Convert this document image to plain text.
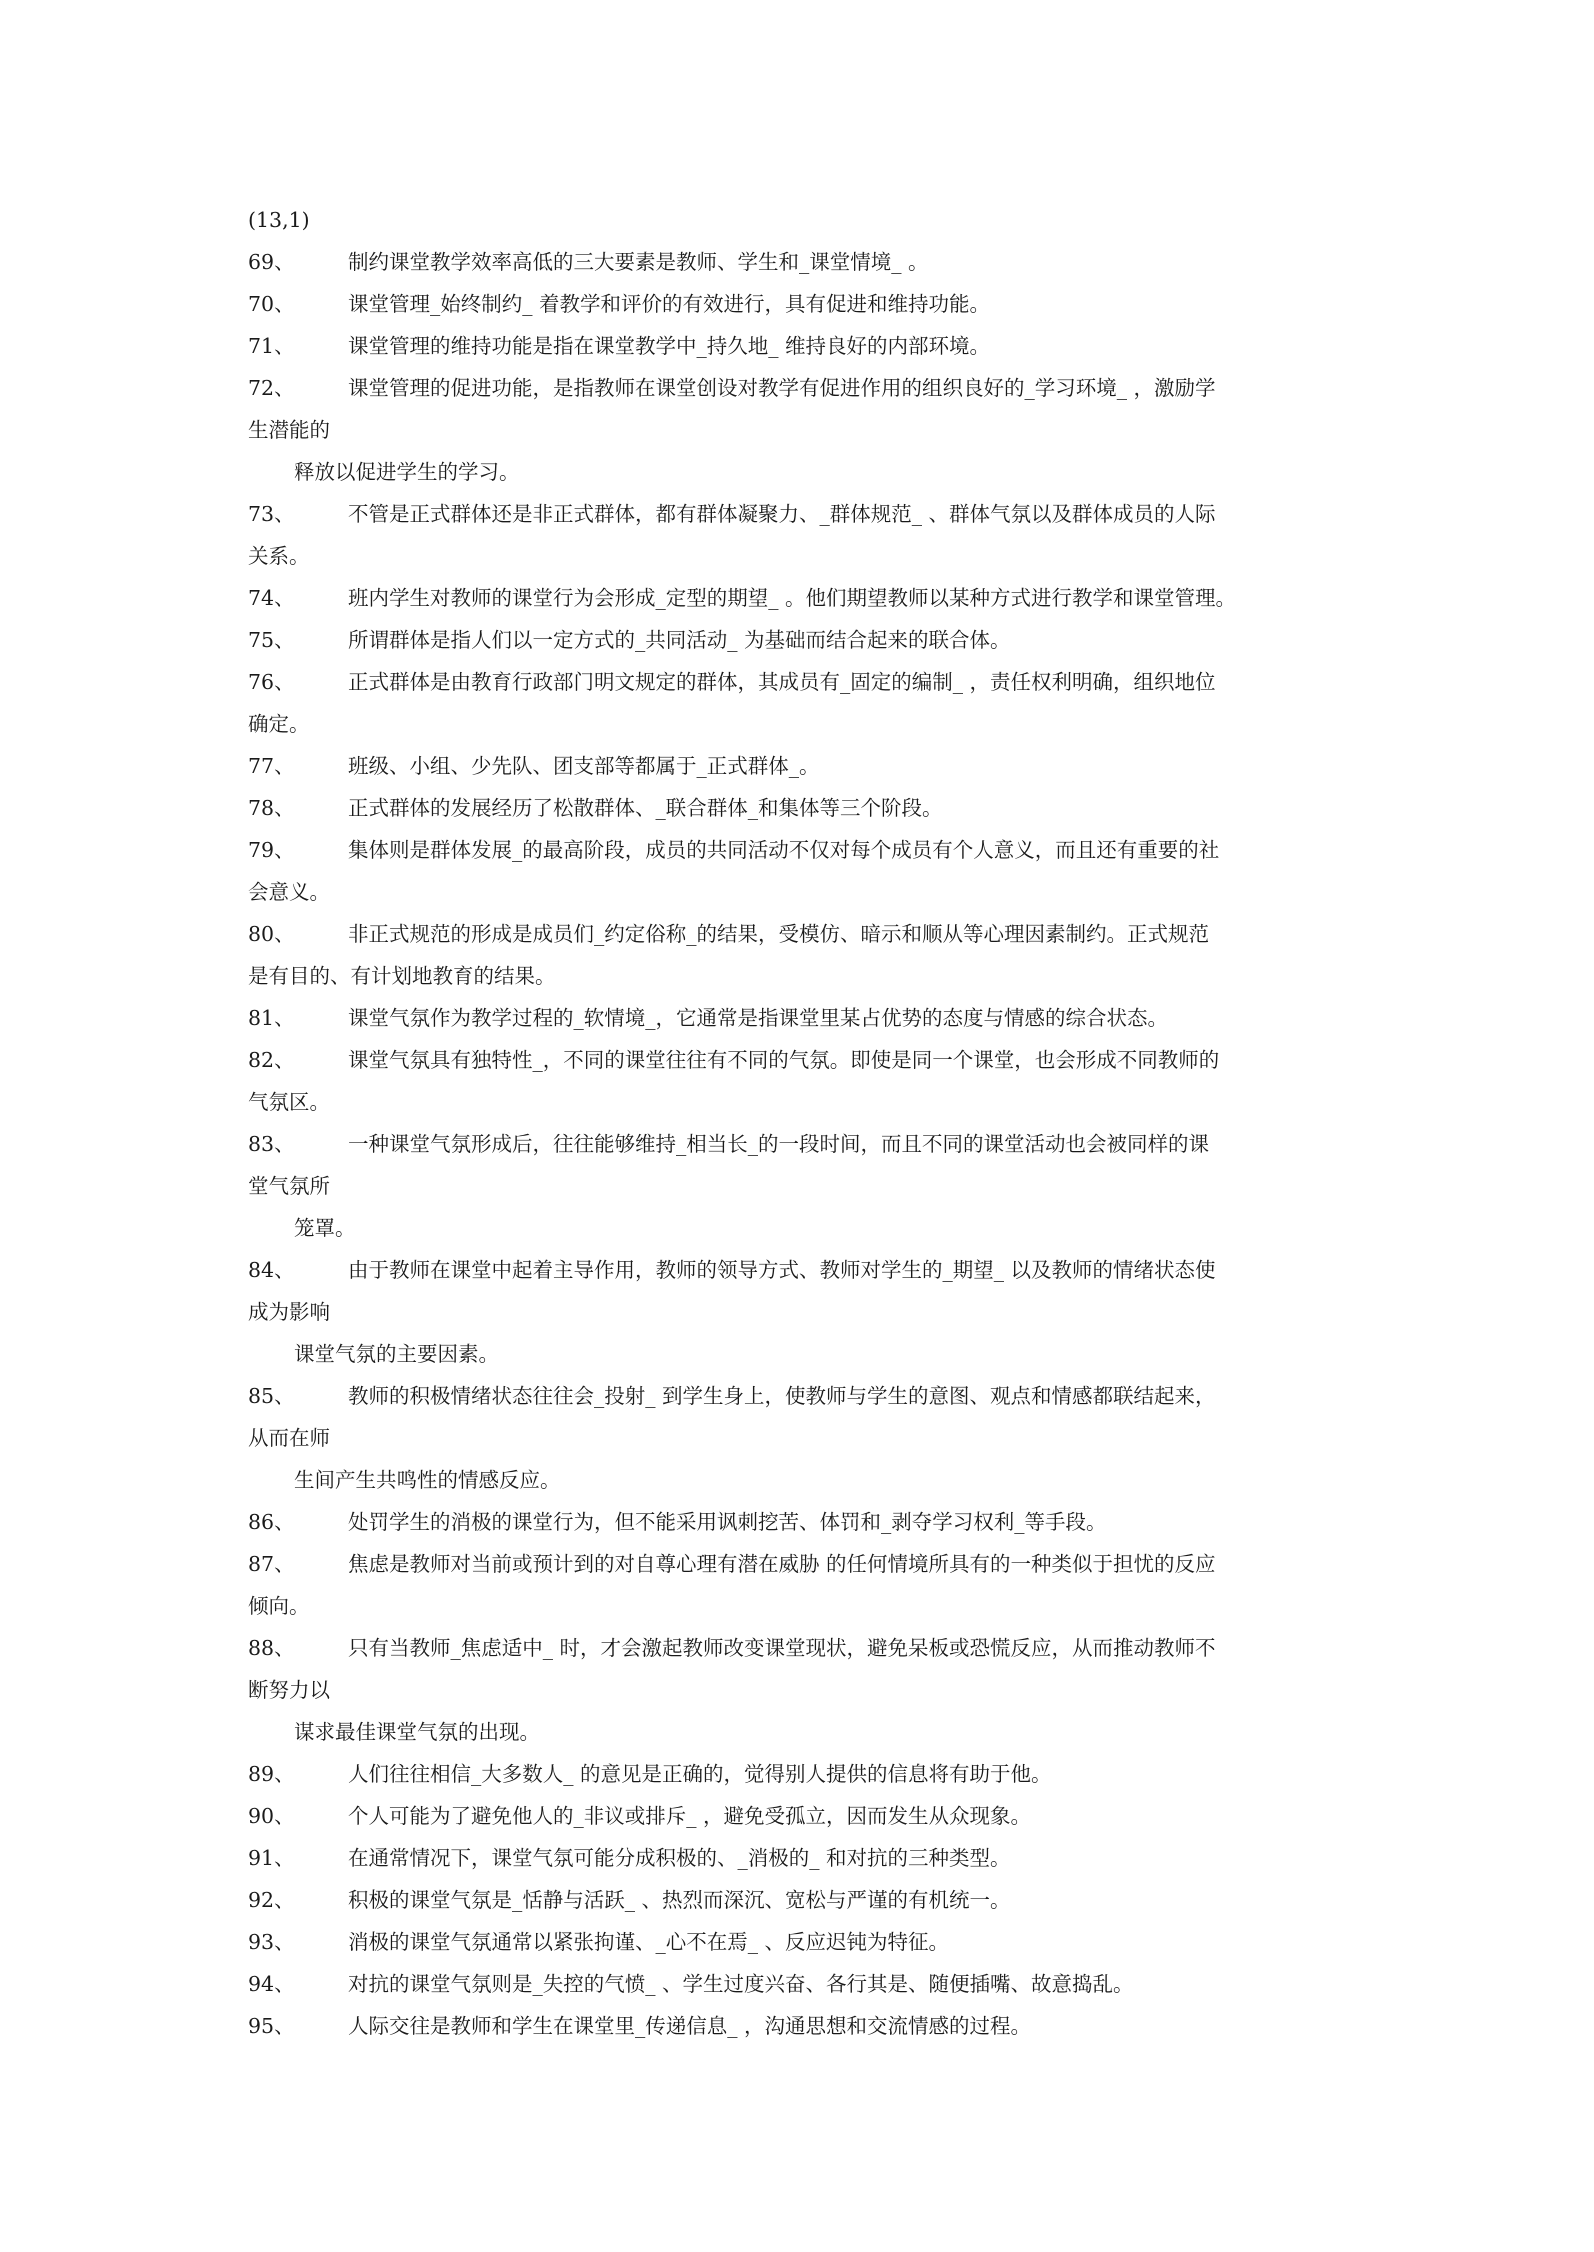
(13,1)
69、	制约课堂教学效率高低的三大要素是教师、学生和_课堂情境_ 。
70、	课堂管理_始终制约_ 着教学和评价的有效进行，具有促进和维持功能。
71、	课堂管理的维持功能是指在课堂教学中_持久地_ 维持良好的内部环境。
72、	课堂管理的促进功能，是指教师在课堂创设对教学有促进作用的组织良好的_学习环境_ ，激励学
生潜能的
释放以促进学生的学习。
73、	不管是正式群体还是非正式群体，都有群体凝聚力、_群体规范_ 、群体气氛以及群体成员的人际
关系。
74、	班内学生对教师的课堂行为会形成_定型的期望_ 。他们期望教师以某种方式进行教学和课堂管理。
75、	所谓群体是指人们以一定方式的_共同活动_ 为基础而结合起来的联合体。
76、	正式群体是由教育行政部门明文规定的群体，其成员有_固定的编制_ ，责任权利明确，组织地位
确定。
77、	班级、小组、少先队、团支部等都属于_正式群体_。
78、	正式群体的发展经历了松散群体、_联合群体_和集体等三个阶段。
79、	集体则是群体发展_的最高阶段，成员的共同活动不仅对每个成员有个人意义，而且还有重要的社
会意义。
80、	非正式规范的形成是成员们_约定俗称_的结果，受模仿、暗示和顺从等心理因素制约。正式规范
是有目的、有计划地教育的结果。
81、	课堂气氛作为教学过程的_软情境_，它通常是指课堂里某占优势的态度与情感的综合状态。
82、	课堂气氛具有独特性_，不同的课堂往往有不同的气氛。即使是同一个课堂，也会形成不同教师的
气氛区。
83、	一种课堂气氛形成后，往往能够维持_相当长_的一段时间，而且不同的课堂活动也会被同样的课
堂气氛所
笼罩。
84、	由于教师在课堂中起着主导作用，教师的领导方式、教师对学生的_期望_ 以及教师的情绪状态使
成为影响
课堂气氛的主要因素。
85、	教师的积极情绪状态往往会_投射_ 到学生身上，使教师与学生的意图、观点和情感都联结起来，
从而在师
生间产生共鸣性的情感反应。
86、	处罚学生的消极的课堂行为，但不能采用讽刺挖苦、体罚和_剥夺学习权利_等手段。
87、	焦虑是教师对当前或预计到的对自尊心理有潜在威胁 的任何情境所具有的一种类似于担忧的反应
倾向。
88、	只有当教师_焦虑适中_ 时，才会激起教师改变课堂现状，避免呆板或恐慌反应，从而推动教师不
断努力以
谋求最佳课堂气氛的出现。
89、	人们往往相信_大多数人_ 的意见是正确的，觉得别人提供的信息将有助于他。
90、	个人可能为了避免他人的_非议或排斥_ ，避免受孤立，因而发生从众现象。
91、	在通常情况下，课堂气氛可能分成积极的、_消极的_ 和对抗的三种类型。
92、	积极的课堂气氛是_恬静与活跃_ 、热烈而深沉、宽松与严谨的有机统一。
93、	消极的课堂气氛通常以紧张拘谨、_心不在焉_ 、反应迟钝为特征。
94、	对抗的课堂气氛则是_失控的气愤_ 、学生过度兴奋、各行其是、随便插嘴、故意捣乱。
95、	人际交往是教师和学生在课堂里_传递信息_ ，沟通思想和交流情感的过程。
